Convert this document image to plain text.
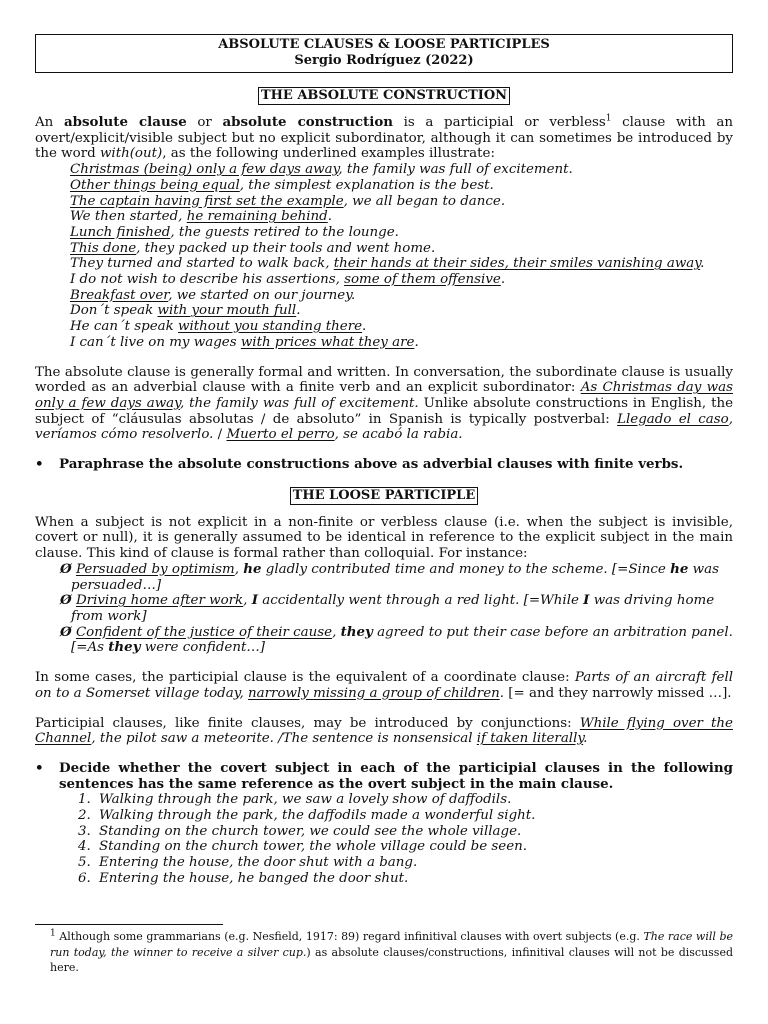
ABSOLUTE CLAUSES & LOOSE PARTICIPLES
Sergio Rodríguez (2022)
THE ABSOLUTE CONSTRUCTION

An absolute clause or absolute construction is a participial or verbless$^1$ clause with an overt/explicit/visible subject but no explicit subordinator, although it can sometimes be introduced by the word with(out), as the following underlined examples illustrate:

Christmas (being) only a few days away, the family was full of excitement.
Other things being equal, the simplest explanation is the best.
The captain having first set the example, we all began to dance.
We then started, he remaining behind.
Lunch finished, the guests retired to the lounge.
This done, they packed up their tools and went home.
They turned and started to walk back, their hands at their sides, their smiles vanishing away.
I do not wish to describe his assertions, some of them offensive.
Breakfast over, we started on our journey.
Don´t speak with your mouth full.
He can´t speak without you standing there.
I can´t live on my wages with prices what they are.

The absolute clause is generally formal and written. In conversation, the subordinate clause is usually worded as an adverbial clause with a finite verb and an explicit subordinator: As Christmas day was only a few days away, the family was full of excitement. Unlike absolute constructions in English, the subject of “cláusulas absolutas / de absoluto” in Spanish is typically postverbal: Llegado el caso, veríamos cómo resolverlo. / Muerto el perro, se acabó la rabia.

•	Paraphrase the absolute constructions above as adverbial clauses with finite verbs.
THE LOOSE PARTICIPLE

When a subject is not explicit in a non-finite or verbless clause (i.e. when the subject is invisible, covert or null), it is generally assumed to be identical in reference to the explicit subject in the main clause. This kind of clause is formal rather than colloquial. For instance:

Ø Persuaded by optimism, he gladly contributed time and money to the scheme. [=Since he was
persuaded…]
Ø Driving home after work, I accidentally went through a red light. [=While I was driving home
from work]
Ø Confident of the justice of their cause, they agreed to put their case before an arbitration panel.
[=As they were confident…]

In some cases, the participial clause is the equivalent of a coordinate clause: Parts of an aircraft fell on to a Somerset village today, narrowly missing a group of children. [= and they narrowly missed …].

Participial clauses, like finite clauses, may be introduced by conjunctions: While flying over the Channel, the pilot saw a meteorite. /The sentence is nonsensical if taken literally.

•	Decide whether the covert subject in each of the participial clauses in the following sentences has the same reference as the overt subject in the main clause.
1. Walking through the park, we saw a lovely show of daffodils.
2. Walking through the park, the daffodils made a wonderful sight.
3. Standing on the church tower, we could see the whole village.
4. Standing on the church tower, the whole village could be seen.
5. Entering the house, the door shut with a bang.
6. Entering the house, he banged the door shut.
$^1$ Although some grammarians (e.g. Nesfield, 1917: 89) regard infinitival clauses with overt subjects (e.g. The race will be run today, the winner to receive a silver cup.) as absolute clauses/constructions, infinitival clauses will not be discussed here.
